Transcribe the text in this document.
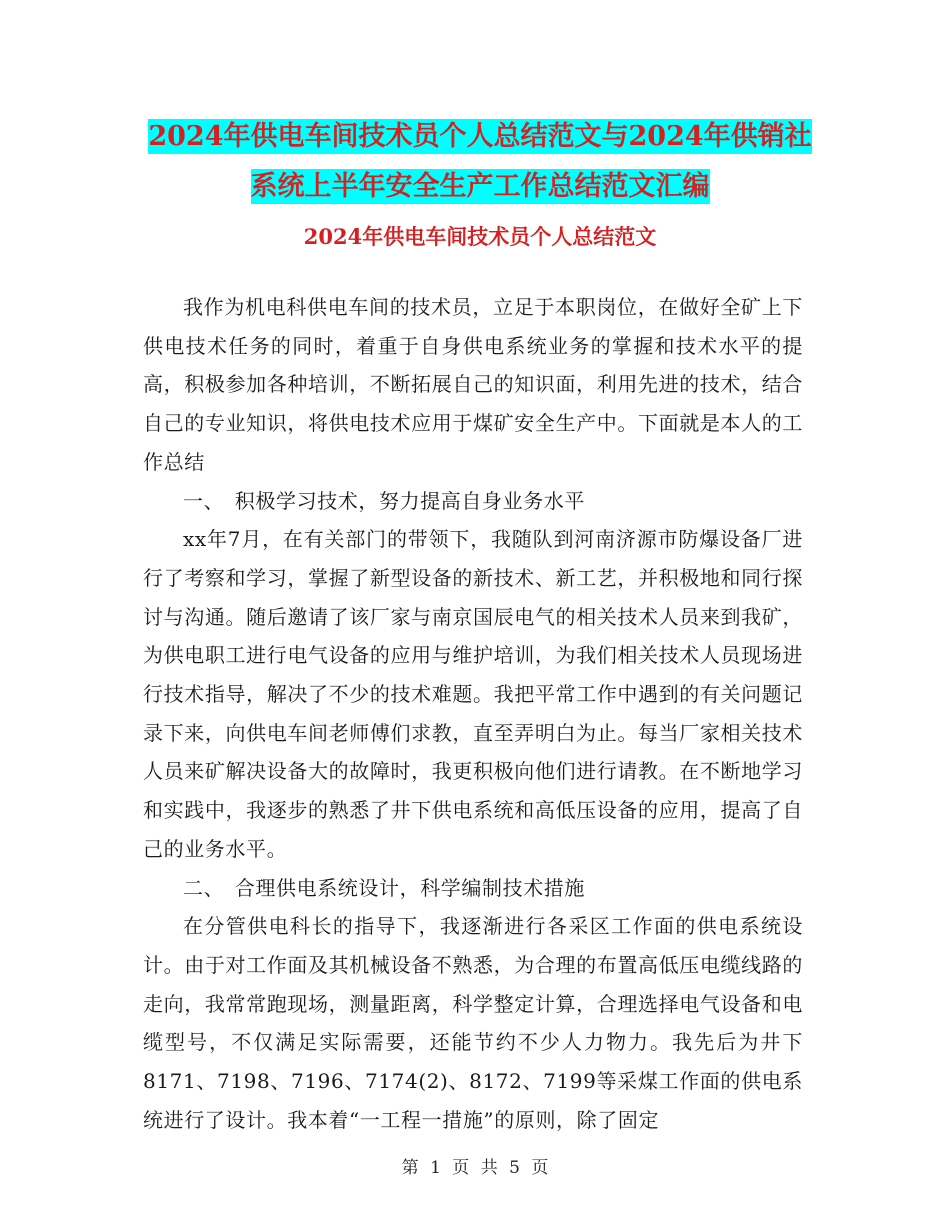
2024年供电车间技术员个人总结范文与2024年供销社
系统上半年安全生产工作总结范文汇编
2024年供电车间技术员个人总结范文

我作为机电科供电车间的技术员，立足于本职岗位，在做好全矿上下供电技术任务的同时，着重于自身供电系统业务的掌握和技术水平的提高，积极参加各种培训，不断拓展自己的知识面，利用先进的技术，结合自己的专业知识，将供电技术应用于煤矿安全生产中。下面就是本人的工作总结

一、　积极学习技术，努力提高自身业务水平

xx年7月，在有关部门的带领下，我随队到河南济源市防爆设备厂进行了考察和学习，掌握了新型设备的新技术、新工艺，并积极地和同行探讨与沟通。随后邀请了该厂家与南京国辰电气的相关技术人员来到我矿，为供电职工进行电气设备的应用与维护培训，为我们相关技术人员现场进行技术指导，解决了不少的技术难题。我把平常工作中遇到的有关问题记录下来，向供电车间老师傅们求教，直至弄明白为止。每当厂家相关技术人员来矿解决设备大的故障时，我更积极向他们进行请教。在不断地学习和实践中，我逐步的熟悉了井下供电系统和高低压设备的应用，提高了自己的业务水平。

二、　合理供电系统设计，科学编制技术措施

在分管供电科长的指导下，我逐渐进行各采区工作面的供电系统设计。由于对工作面及其机械设备不熟悉，为合理的布置高低压电缆线路的走向，我常常跑现场，测量距离，科学整定计算，合理选择电气设备和电缆型号，不仅满足实际需要，还能节约不少人力物力。我先后为井下8171、7198、7196、7174(2)、8172、7199等采煤工作面的供电系统进行了设计。我本着“一工程一措施”的原则，除了固定

第 1 页 共 5 页
